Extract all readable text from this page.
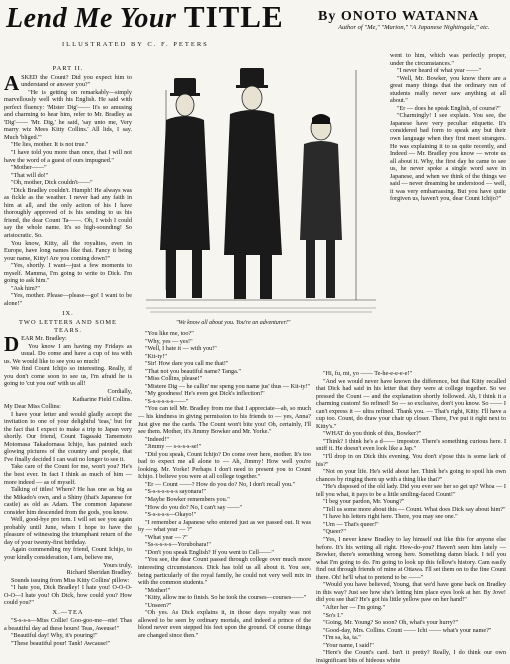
Lend Me Your TITLE By ONOTO WATANNA
Author of "Me," "Marion," "A Japanese Nightingale," etc.
ILLUSTRATED BY C. F. PETERS
"We know all about you. You're an adventurer!"
PART II.

ASKED the Count? Did you expect him to understand or answer you?"

"He is getting on remarkably—simply marvellously well with his English. He said with perfect fluency: 'Mister Dig'—— It's so amusing and charming to hear him, refer to Mr. Bradley as 'Dig'—— 'Mr. Dig,' he said, 'say unto me, Very marry wiz Mees Kitty Collins.' All lids, I say. Much 'bliged.'"

"He lies, mother. It is not true."

"I have told you more than once, that I will not have the word of a guest of ours impugned."

"Mother——"

"That will do!"

"Oh, mother, Dick couldn't——"

"Dick Bradley couldn't. Humph! He always was as fickle as the weather. I never had any faith in him at all, and the only action of his I have thoroughly approved of is his sending to us his friend, the dear Count Ta——. Oh, I wish I could say the whole name. It's so high-sounding! So aristocratic. So.

You know, Kitty, all the royalties, even in Europe, have long names like that. Fancy it being your name, Kitty! Are you coming down?"

"Yes, shortly. I want—just a few moments to myself. Mamma, I'm going to write to Dick. I'm going to ask him."

"Ask him?"

"Yes, mother. Please—please—go! I want to be alone!"

IX.
TWO LETTERS AND SOME TEARS.

DEAR Mr. Bradley:

You know I am having my Fridays as usual. Do come and have a cup of tea with us. We would like to see you so much!

We find Count Ichijo so interesting. Really, if you don't come soon to see us, I'm afraid he is going to 'cut you out' with us all!

Cordially,

Katharine Field Collins.

My Dear Miss Collins:

I have your letter and would gladly accept the invitation to one of your delightful 'teas,' but for the fact that I expect to make a trip to Japan very shortly. Our friend, Count Tagasaki Tamemoto Motomasa Takadornasa Ichijo, has painted such glowing pictures of the country and people, that I've finally decided I can wait no longer to see it.

Take care of the Count for me, won't you? He's the best ever. In fact I think as much of him — more indeed — as of myself.

Talking of titles! Where? He has one as big as the Mikado's own, and a Shiny (that's Japanese for castle) as old as Adam. The common Japanese consider him descended from the gods, you know.

Well, good-bye pro tem. I will set see you again probably until June, when I hope to have the pleasure of witnessing the triumphant return of the day of your twenty-first birthday.

Again commending my friend, Count Ichijo, to your kindly consideration, I am, believe me,

Yours truly,

Richard Sheridan Bradley.

Sounds issuing from Miss Kitty Collins' pillow:

"I hate you, Dick Bradley! I hate you! O-O-O-O-O—I hate you! Oh Dick, how could you? How could you?"

X.—TEA

"S-s-s-s—Miss Collie! Goo-goo-me—nie! Thas a beautiful day ad these hours! Teas, Aweuse!"

"Beautiful day! Why, it's pouring!"

"These beautiful pour! Tank! Awcause!"

"You like me, too?"

"Why, yes — yes!"

"Well, I hate it — with you!"

"Kit-ty!"

"Sir! How dare you call me that!"

"That not you beautiful name? Tanga."

"Miss Collins, please!"

"Mistere Dig — he callin' me speng you name jus' thus — Kit-ty!"

"My goodness! He's even got Dick's inflection!"

"S-s-s-s-s-s——"

"You can tell Mr. Bradley from me that I appreciate—ah, so much — his kindness in giving permission to his friends to — yes, Anna? Just give me the cards. The Count won't bite you! Oh, certainly, I'll see them. Mother, it's Jimmy Bowker and Mr. Yorke."

"Indeed!"

"Jimmy — s-s-s-s-se!"

"Did you speak, Count Ichijo? Do come over here, mother. It's too bad to expect me all alone to — Ah, Jimmy! How well you're looking. Mr. Yorke! Perhaps I don't need to present you to Count Ichijo. I believe you were at all college together."

"Er — Count ——? How do you do? No, I don't recall you."

"S-s-s-s-s-s-s sayonara!"

"Maybe Bowker remembers you."

"How do you do? No, I can't say ——"

"S-s-s-s-s—Okayo!"

"I remember a Japanese who entered just as we passed out. It was by — what year — ?"

"What year — ?"

"Ss-s-s-s-s—Yorubohara!"

"Don't you speak English? If you went to Cell——"

"You see, the dear Count passed through college over much more interesting circumstances. Dick has told us all about it. You see, being particularly of the royal family, he could not very well mix in with the common students."

"Mother!"

"Kitty, allow me to finish. So he took the courses—courses——"

"Unseen?"

"Oh yes. As Dick explains it, in those days royalty was not allowed to be seen by ordinary mortals, and indeed a prince of the blood never even stepped his feet upon the ground. Of course things are changed since then."

went to him, which was perfectly proper, under the circumstances."

"I never heard of what year ——"

"Well, Mr. Bowker, you know there are a great many things that the ordinary run of students really never saw anything at all about."

"Er — does he speak English, of course?"

"Charmingly! I see explain. You see, the Japanese have very peculiar etiquette. It's considered bad form to speak any but their own language when they first meet strangers. He was explaining it to us quite recently, and Indeed — Mr. Bradley you know — wrote us all about it. Why, the first day he came to see us, he never spoke a single word save in Japanese, and when we think of the things we said — never dreaming he understood — well, it was very embarrassing. But you have quite forgiven us, haven't you, dear Count Ichijo?"

"Hi, fu, mi, yo —— Te-he-e-e-e-e!"

"And we would never have known the difference, but that Kitty recalled that Dick had said in his letter that they were at college together. So we pressed the Count — and the explanation shortly followed. Ah, I think it a charming custom! So refined! So — so exclusive, don't you know. So —— I can't express it — ultra refined. Thank you. — That's right, Kitty. I'll have a cup too. Count, do draw your chair up closer. There, I've put it right next to Kitty's."

"WHAT do you think of this, Bowker?"

"Think? I think he's a d—— impostor. There's something curious here. I sniff it. He doesn't even look like a Jap."

"I'll drop in on Dick this evening. You don't s'pose this is some lark of his?"

"Not on your life. He's wild about her. Think he's going to spoil his own chances by ringing them up with a thing like that?"

"He's disposed of the old lady. Did you ever see her so get up? Whoa — I tell you what, it pays to be a little smiling-faced Count!"

"I beg your pardon, Mr. Young?"

"Tell us some more about this — Count. What does Dick say about him?"

"I have his letters right here. There, you may see one."

"Um — That's queer!"

"Queer?"

"Yes, I never knew Bradley to lay himself out like this for anyone else before. It's his writing all right. How-do-you? Haven't seen him lately — Bowker, there's something wrong here. Something damn black. I tell you what I'm going to do. I'm going to look up this fellow's history. Cam easily find out through friends of mine at Ottawa. I'll set them on to the fine Count there. Oh! he'll what to pretend to be ——"

"Would you have believed, Young, that we'd have gone back on Bradley in this way? Just see how she's letting him place eyes look at her. By Jove! did you see that? He's got his little yellow paw on her hand!"

"After her — I'm going."

"So's I."

"Going, Mr. Young? So soon? Oh, what's your hurry?"

"Good-day, Mrs. Collins. Count —— Ichi —— what's your name?"

"I'm sa, ka, ta."

"Your name, I said!"

"Here's the Count's card. Isn't it pretty? Really, I do think our own insignificant bits of hideous white
